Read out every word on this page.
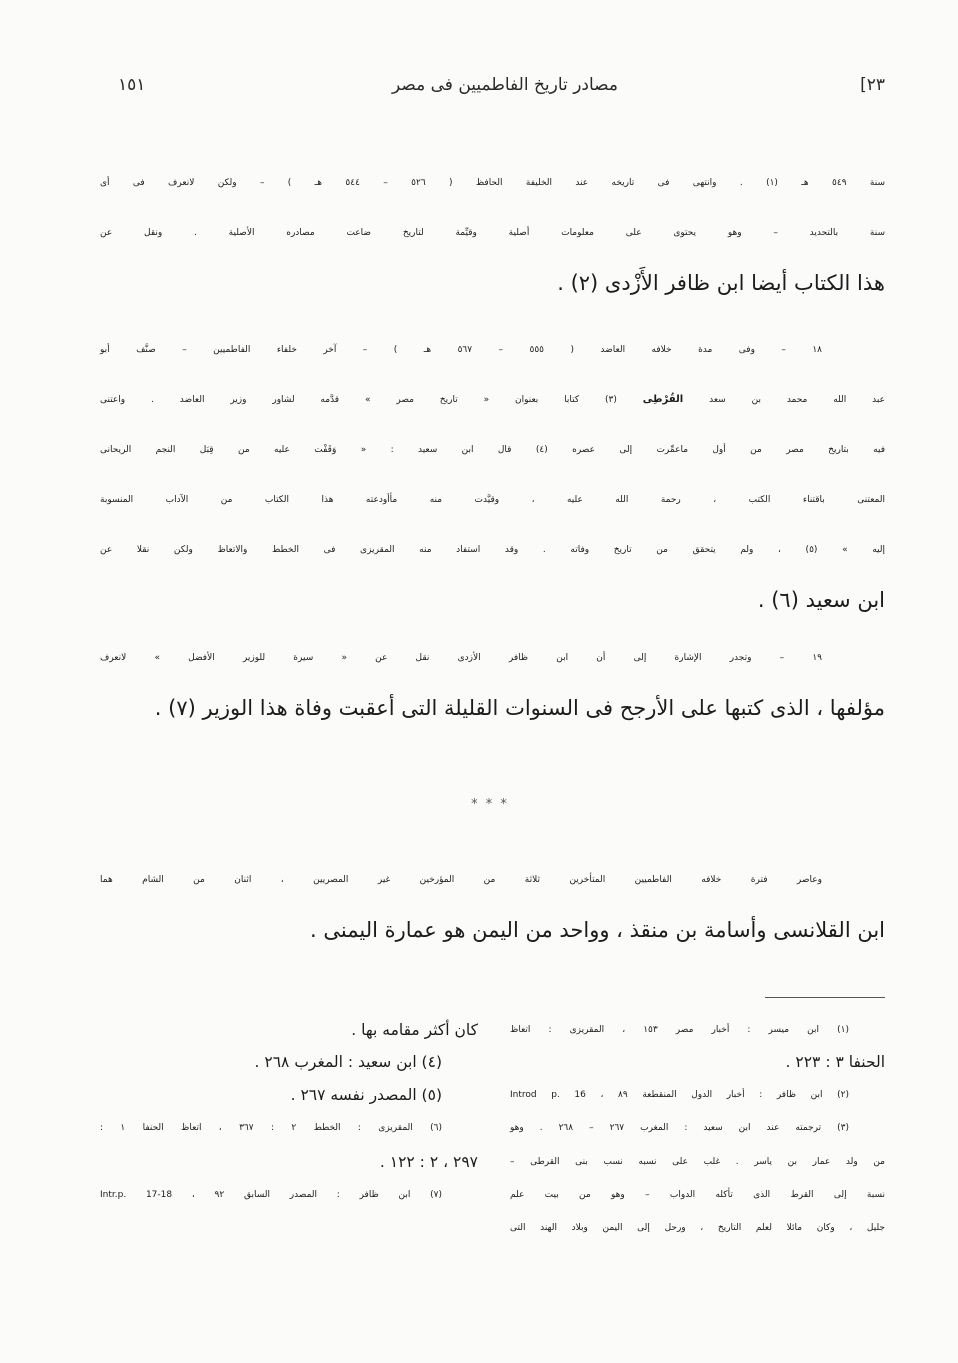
١٥١	مصادر تاريخ الفاطميين فى مصر	[٢٣
سنة ٥٤٩ هـ (١) . وانتهى فى تاريخه عند الخليفة الحافظ ( ٥٢٦ – ٥٤٤ هـ ) – ولكن لانعرف فى أى
سنة بالتحديد – وهو يحتوى على معلومات أصلية وقيِّمة لتاريخ ضاعت مصادره الأصلية . ونقل عن
هذا الكتاب أيضا ابن ظافر الأَزْدى (٢) .
١٨ – وفى مدة خلافه العاضد ( ٥٥٥ – ٥٦٧ هـ ) – آخر خلفاء الفاطميين – صنَّف أبو
عبد الله محمد بن سعد القُرْطِى (٣) كتابا بعنوان « تاريخ مصر » قدَّمه لشاور وزير العاضد . واعتنى
فيه بتاريخ مصر من أول ماعمِّرت إلى عصره (٤) قال ابن سعيد : « وَقَفْت عليه من قِبَل النجم الريحانى
المعتنى باقتناء الكتب ، رحمة الله عليه ، وقيَّدت منه مأأودعته هذا الكتاب من الآداب المنسوبة
إليه » (٥) ، ولم يتحقق من تاريخ وفاته . وقد استفاد منه المقريزى فى الخطط والاتعاظ ولكن نقلا عن
ابن سعيد (٦) .
١٩ – وتجدر الإشارة إلى أن ابن ظافر الأزدى نقل عن « سيرة للوزير الأفضل » لانعرف
مؤلفها ، الذى كتبها على الأرجح فى السنوات القليلة التى أعقبت وفاة هذا الوزير (٧) .
* * *
وعاصر فترة خلافه الفاطميين المتأخرين ثلاثة من المؤرخين غير المصريين ، اثنان من الشام هما
ابن القلانسى وأسامة بن منقذ ، وواحد من اليمن هو عمارة اليمنى .
(١) ابن ميسر : أخبار مصر ١٥٣ ، المقريزى : اتعاظ
الحنفا ٣ : ٢٢٣ .
(٢) ابن ظافر : أخبار الدول المنقطعة ٨٩ ، Introd p. 16
(٣) ترجمته عند ابن سعيد : المغرب ٢٦٧ – ٢٦٨ . وهو
من ولد عمار بن ياسر . غلب على نسبه نسب بنى القرطى –
نسبة إلى القرط الذى تأكله الدواب – وهو من بيت علم
جليل ، وكان مائلا لعلم التاريخ ، ورحل إلى اليمن وبلاد الهند التى
كان أكثر مقامه بها .
(٤) ابن سعيد : المغرب ٢٦٨ .
(٥) المصدر نفسه ٢٦٧ .
(٦) المقريزى : الخطط ٢ : ٣٦٧ ، اتعاظ الحنفا ١ :
٢٩٧ ، ٢ : ١٢٢ .
(٧) ابن ظافر : المصدر السابق ٩٢ ، Intr.p. 17-18
